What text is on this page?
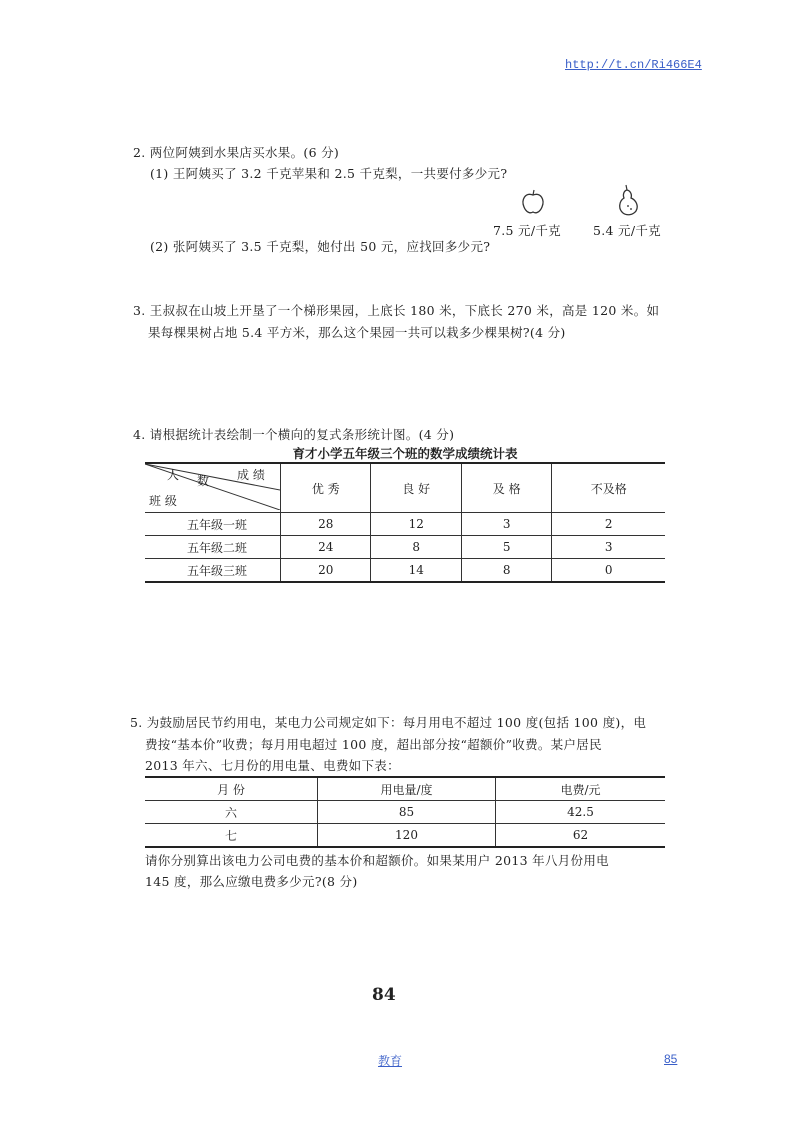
http://t.cn/Ri466E4
2. 两位阿姨到水果店买水果。(6 分)
(1) 王阿姨买了 3.2 千克苹果和 2.5 千克梨，一共要付多少元?
7.5 元/千克	5.4 元/千克
(2) 张阿姨买了 3.5 千克梨，她付出 50 元，应找回多少元?
3. 王叔叔在山坡上开垦了一个梯形果园，上底长 180 米，下底长 270 米，高是 120 米。如
果每棵果树占地 5.4 平方米，那么这个果园一共可以栽多少棵果树?(4 分)
4. 请根据统计表绘制一个横向的复式条形统计图。(4 分)
育才小学五年级三个班的数学成绩统计表
人 数 成 绩
班 级	优 秀	良 好	及 格	不及格
五年级一班	28	12	3	2
五年级二班	24	8	5	3
五年级三班	20	14	8	0
5. 为鼓励居民节约用电，某电力公司规定如下：每月用电不超过 100 度(包括 100 度)，电
费按“基本价”收费；每月用电超过 100 度，超出部分按“超额价”收费。某户居民
2013 年六、七月份的用电量、电费如下表：
月 份	用电量/度	电费/元
六	85	42.5
七	120	62
请你分别算出该电力公司电费的基本价和超额价。如果某用户 2013 年八月份用电
145 度，那么应缴电费多少元?(8 分)
84
教育	85
